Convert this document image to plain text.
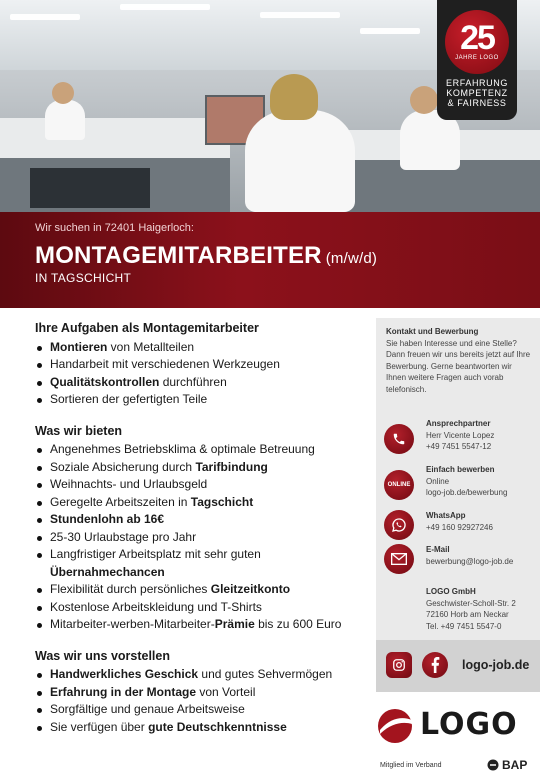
25
JAHRE LOGO
ERFAHRUNG
KOMPETENZ
& FAIRNESS
Wir suchen in 72401 Haigerloch:
MONTAGEMITARBEITER (m/w/d)
IN TAGSCHICHT
Ihre Aufgaben als Montagemitarbeiter
Montieren von Metallteilen
Handarbeit mit verschiedenen Werkzeugen
Qualitätskontrollen durchführen
Sortieren der gefertigten Teile
Was wir bieten
Angenehmes Betriebsklima & optimale Betreuung
Soziale Absicherung durch Tarifbindung
Weihnachts- und Urlaubsgeld
Geregelte Arbeitszeiten in Tagschicht
Stundenlohn ab 16€
25-30 Urlaubstage pro Jahr
Langfristiger Arbeitsplatz mit sehr guten Übernahmechancen
Flexibilität durch persönliches Gleitzeitkonto
Kostenlose Arbeitskleidung und T-Shirts
Mitarbeiter-werben-Mitarbeiter-Prämie bis zu 600 Euro
Was wir uns vorstellen
Handwerkliches Geschick und gutes Sehvermögen
Erfahrung in der Montage von Vorteil
Sorgfältige und genaue Arbeitsweise
Sie verfügen über gute Deutschkenntnisse
Kontakt und Bewerbung
Sie haben Interesse und eine Stelle? Dann freuen wir uns bereits jetzt auf Ihre Bewerbung. Gerne beantworten wir Ihnen weitere Fragen auch vorab telefonisch.
Ansprechpartner
Herr Vicente Lopez
+49 7451 5547-12
ONLINE
Einfach bewerben
Online
logo-job.de/bewerbung
WhatsApp
+49 160 92927246
E-Mail
bewerbung@logo-job.de
LOGO GmbH
Geschwister-Scholl-Str. 2
72160 Horb am Neckar
Tel. +49 7451 5547-0
logo-job.de
LOGO
Mitglied im Verband	BAP
